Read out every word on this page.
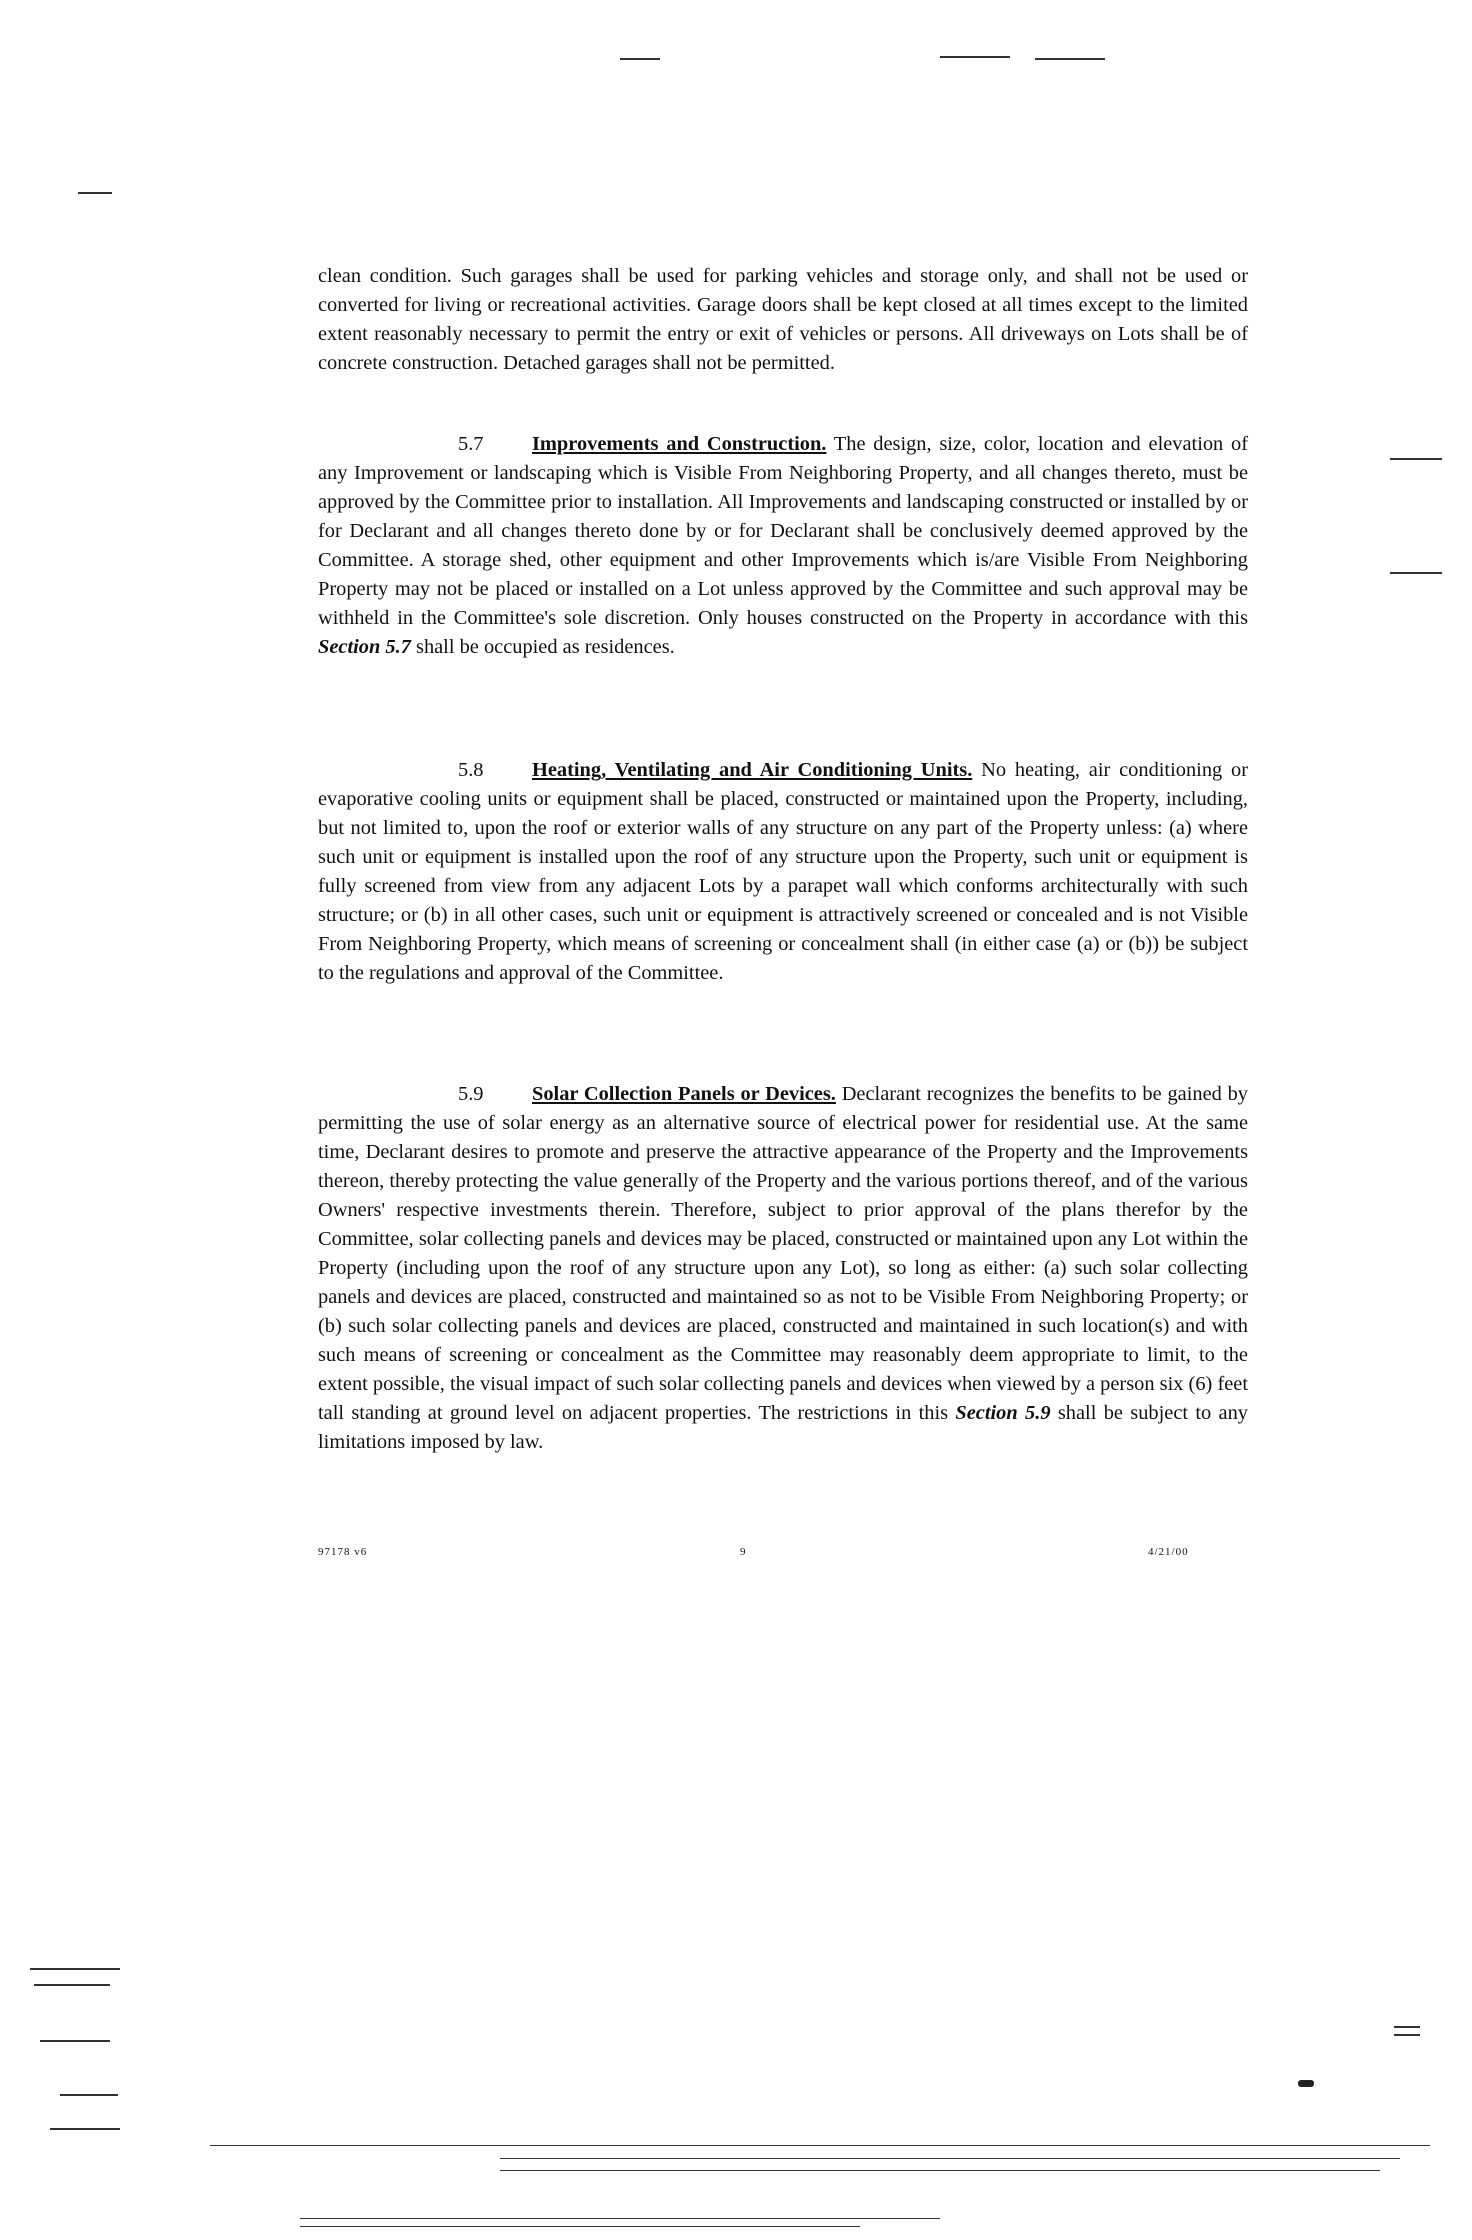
clean condition. Such garages shall be used for parking vehicles and storage only, and shall not be used or converted for living or recreational activities. Garage doors shall be kept closed at all times except to the limited extent reasonably necessary to permit the entry or exit of vehicles or persons. All driveways on Lots shall be of concrete construction. Detached garages shall not be permitted.

5.7 Improvements and Construction. The design, size, color, location and elevation of any Improvement or landscaping which is Visible From Neighboring Property, and all changes thereto, must be approved by the Committee prior to installation. All Improvements and landscaping constructed or installed by or for Declarant and all changes thereto done by or for Declarant shall be conclusively deemed approved by the Committee. A storage shed, other equipment and other Improvements which is/are Visible From Neighboring Property may not be placed or installed on a Lot unless approved by the Committee and such approval may be withheld in the Committee's sole discretion. Only houses constructed on the Property in accordance with this Section 5.7 shall be occupied as residences.

5.8 Heating, Ventilating and Air Conditioning Units. No heating, air conditioning or evaporative cooling units or equipment shall be placed, constructed or maintained upon the Property, including, but not limited to, upon the roof or exterior walls of any structure on any part of the Property unless: (a) where such unit or equipment is installed upon the roof of any structure upon the Property, such unit or equipment is fully screened from view from any adjacent Lots by a parapet wall which conforms architecturally with such structure; or (b) in all other cases, such unit or equipment is attractively screened or concealed and is not Visible From Neighboring Property, which means of screening or concealment shall (in either case (a) or (b)) be subject to the regulations and approval of the Committee.

5.9 Solar Collection Panels or Devices. Declarant recognizes the benefits to be gained by permitting the use of solar energy as an alternative source of electrical power for residential use. At the same time, Declarant desires to promote and preserve the attractive appearance of the Property and the Improvements thereon, thereby protecting the value generally of the Property and the various portions thereof, and of the various Owners' respective investments therein. Therefore, subject to prior approval of the plans therefor by the Committee, solar collecting panels and devices may be placed, constructed or maintained upon any Lot within the Property (including upon the roof of any structure upon any Lot), so long as either: (a) such solar collecting panels and devices are placed, constructed and maintained so as not to be Visible From Neighboring Property; or (b) such solar collecting panels and devices are placed, constructed and maintained in such location(s) and with such means of screening or concealment as the Committee may reasonably deem appropriate to limit, to the extent possible, the visual impact of such solar collecting panels and devices when viewed by a person six (6) feet tall standing at ground level on adjacent properties. The restrictions in this Section 5.9 shall be subject to any limitations imposed by law.

97178 v6	9	4/21/00
